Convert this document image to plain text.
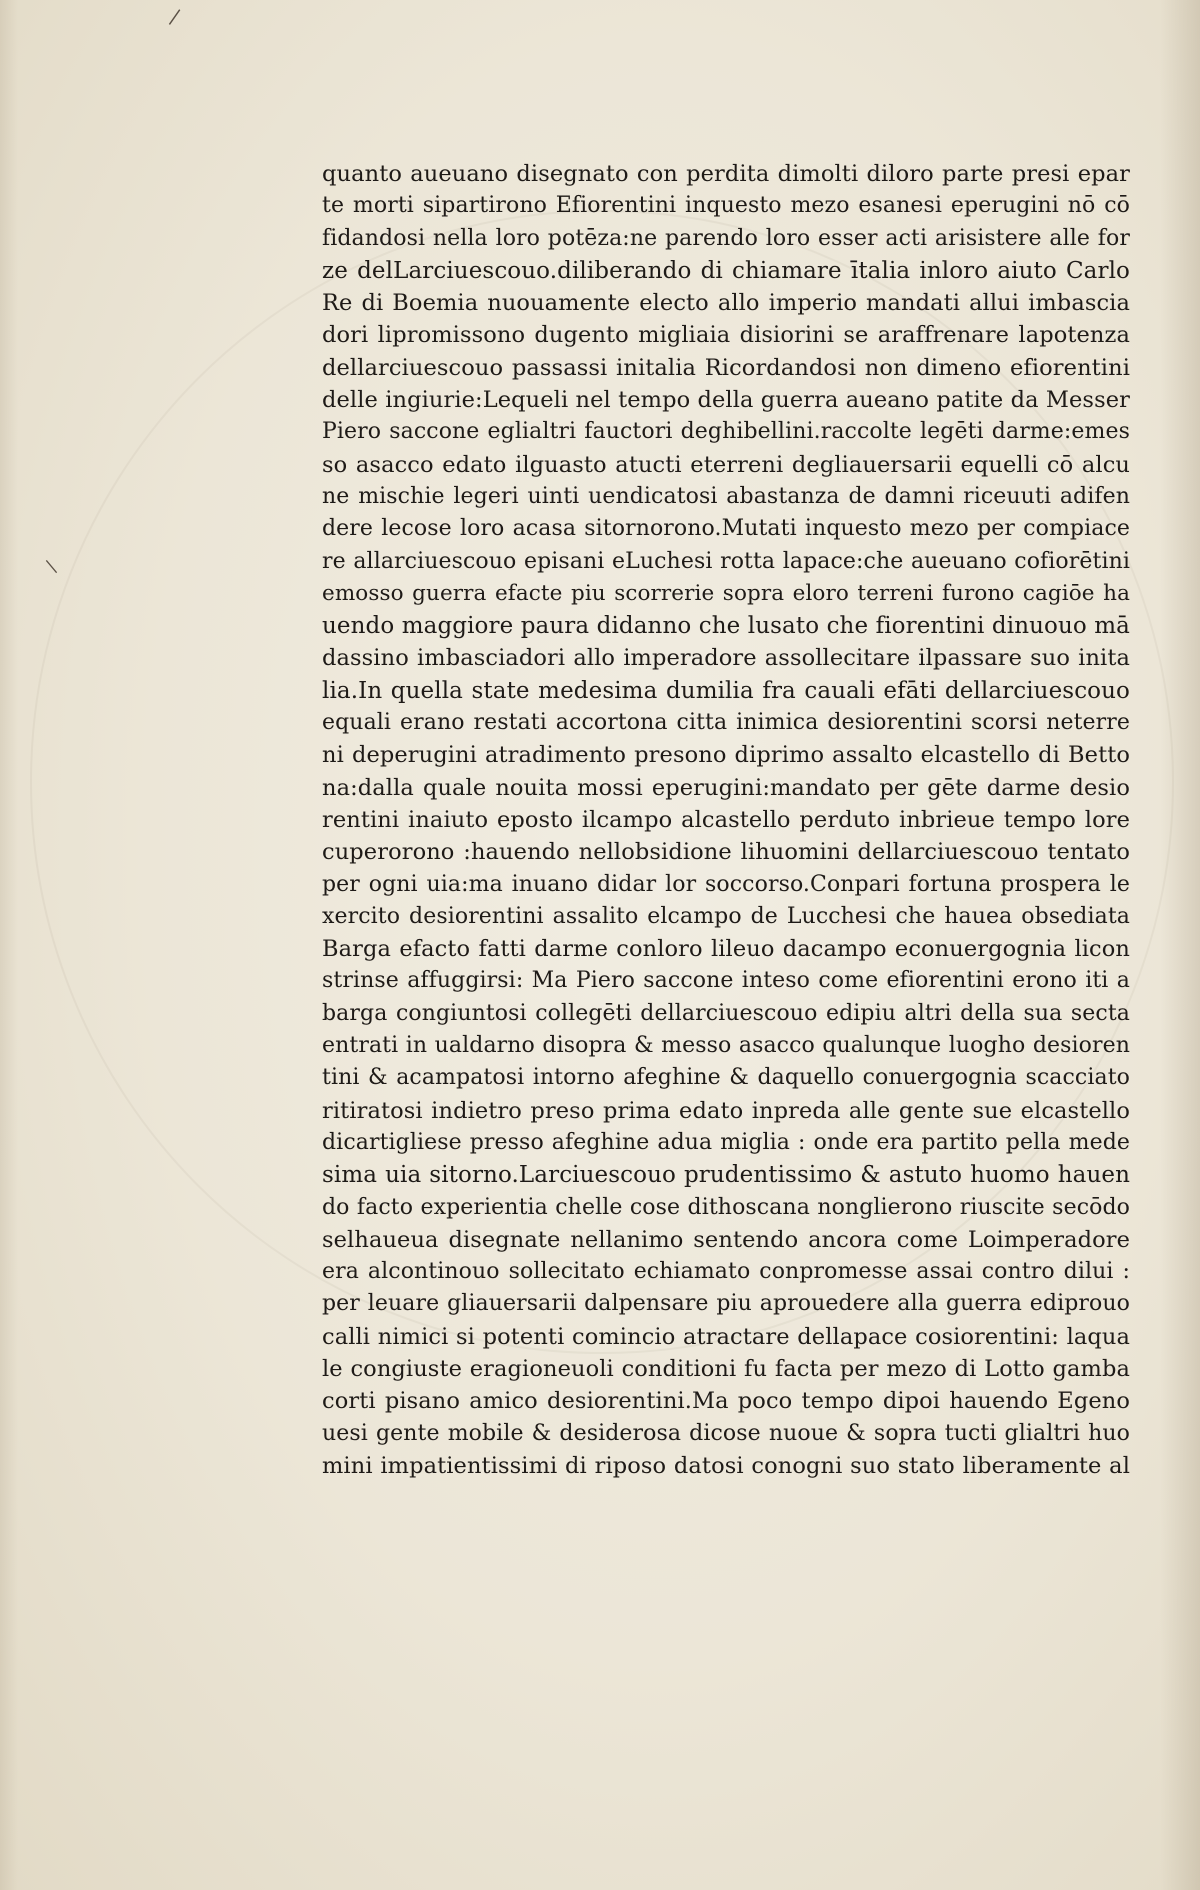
|
|
quanto aueuano disegnato con perdita dimolti diloro parte presi epar
te morti sipartirono Efiorentini inquesto mezo esanesi eperugini nō cō
fidandosi nella loro potēza:ne parendo loro esser acti arisistere alle for
ze delLarciuescouo.diliberando di chiamare ītalia inloro aiuto Carlo
Re di Boemia nuouamente electo allo imperio mandati allui imbascia
dori lipromissono dugento migliaia disiorini se araffrenare lapotenza
dellarciuescouo passassi initalia Ricordandosi non dimeno efiorentini
delle ingiurie:Lequeli nel tempo della guerra aueano patite da Messer
Piero saccone eglialtri fauctori deghibellini.raccolte legēti darme:emes
so asacco edato ilguasto atucti eterreni degliauersarii equelli cō alcu
ne mischie legeri uinti uendicatosi abastanza de damni riceuuti adifen
dere lecose loro acasa sitornorono.Mutati inquesto mezo per compiace
re allarciuescouo episani eLuchesi rotta lapace:che aueuano cofiorētini
emosso guerra efacte piu scorrerie sopra eloro terreni furono cagiōe ha
uendo maggiore paura didanno che lusato che fiorentini dinuouo mā
dassino imbasciadori allo imperadore assollecitare ilpassare suo inita
lia.In quella state medesima dumilia fra cauali efāti dellarciuescouo
equali erano restati accortona citta inimica desiorentini scorsi neterre
ni deperugini atradimento presono diprimo assalto elcastello di Betto
na:dalla quale nouita mossi eperugini:mandato per gēte darme desio
rentini inaiuto eposto ilcampo alcastello perduto inbrieue tempo lore
cuperorono :hauendo nellobsidione lihuomini dellarciuescouo tentato
per ogni uia:ma inuano didar lor soccorso.Conpari fortuna prospera le
xercito desiorentini assalito elcampo de Lucchesi che hauea obsediata
Barga efacto fatti darme conloro lileuo dacampo econuergognia licon
strinse affuggirsi: Ma Piero saccone inteso come efiorentini erono iti a
barga congiuntosi collegēti dellarciuescouo edipiu altri della sua secta
entrati in ualdarno disopra & messo asacco qualunque luogho desioren
tini & acampatosi intorno afeghine & daquello conuergognia scacciato
ritiratosi indietro preso prima edato inpreda alle gente sue elcastello
dicartigliese presso afeghine adua miglia : onde era partito pella mede
sima uia sitorno.Larciuescouo prudentissimo & astuto huomo hauen
do facto experientia chelle cose dithoscana nonglierono riuscite secōdo
selhaueua disegnate nellanimo sentendo ancora come Loimperadore
era alcontinouo sollecitato echiamato conpromesse assai contro dilui :
per leuare gliauersarii dalpensare piu aprouedere alla guerra ediprouo
calli nimici si potenti comincio atractare dellapace cosiorentini: laqua
le congiuste eragioneuoli conditioni fu facta per mezo di Lotto gamba
corti pisano amico desiorentini.Ma poco tempo dipoi hauendo Egeno
uesi gente mobile & desiderosa dicose nuoue & sopra tucti glialtri huo
mini impatientissimi di riposo datosi conogni suo stato liberamente al
